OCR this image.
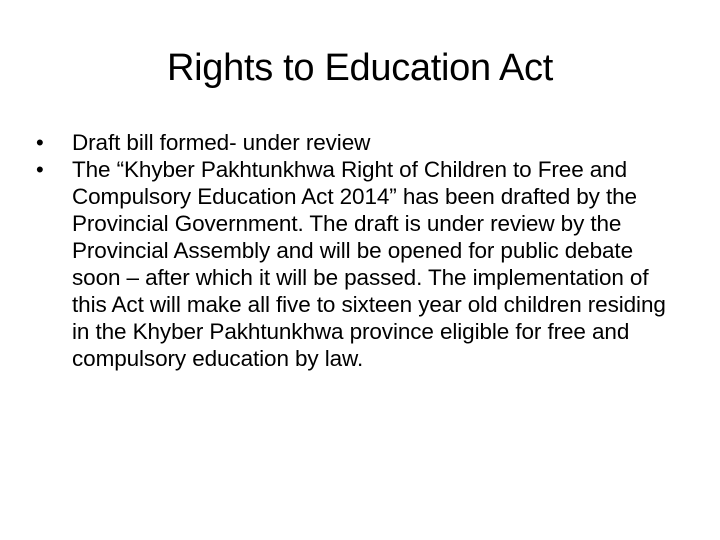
Rights to Education Act
•	Draft bill formed- under review
•	The “Khyber Pakhtunkhwa Right of Children to Free and Compulsory Education Act 2014” has been drafted by the Provincial Government. The draft is under review by the Provincial Assembly and will be opened for public debate soon – after which it will be passed. The implementation of this Act will make all five to sixteen year old children residing in the Khyber Pakhtunkhwa province eligible for free and compulsory education by law.
